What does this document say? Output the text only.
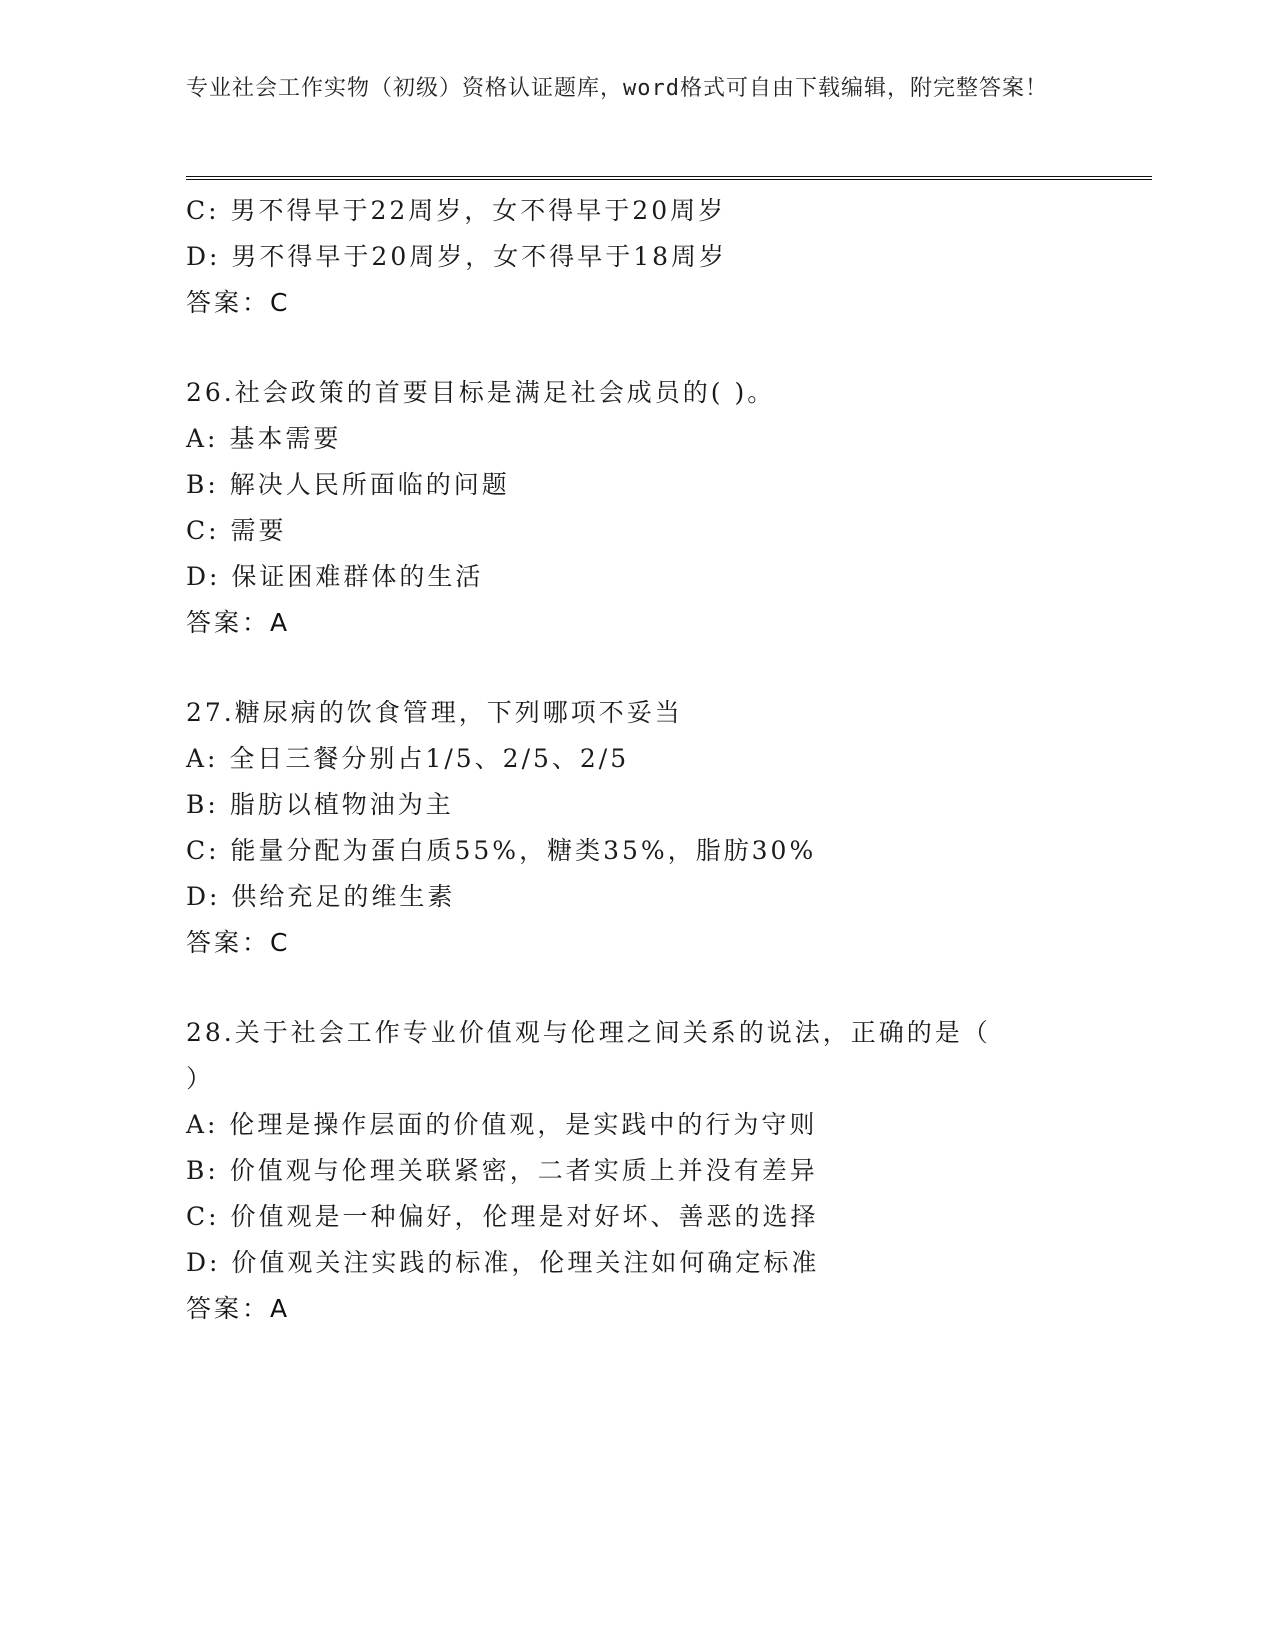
专业社会工作实物（初级）资格认证题库，word格式可自由下载编辑，附完整答案！
C: 男不得早于22周岁，女不得早于20周岁
D: 男不得早于20周岁，女不得早于18周岁
答案：C
26.社会政策的首要目标是满足社会成员的( )。
A: 基本需要
B: 解决人民所面临的问题
C: 需要
D: 保证困难群体的生活
答案：A
27.糖尿病的饮食管理，下列哪项不妥当
A: 全日三餐分别占1/5、2/5、2/5
B: 脂肪以植物油为主
C: 能量分配为蛋白质55%，糖类35%，脂肪30%
D: 供给充足的维生素
答案：C
28.关于社会工作专业价值观与伦理之间关系的说法，正确的是（ ）
A: 伦理是操作层面的价值观，是实践中的行为守则
B: 价值观与伦理关联紧密，二者实质上并没有差异
C: 价值观是一种偏好，伦理是对好坏、善恶的选择
D: 价值观关注实践的标准，伦理关注如何确定标准
答案：A
